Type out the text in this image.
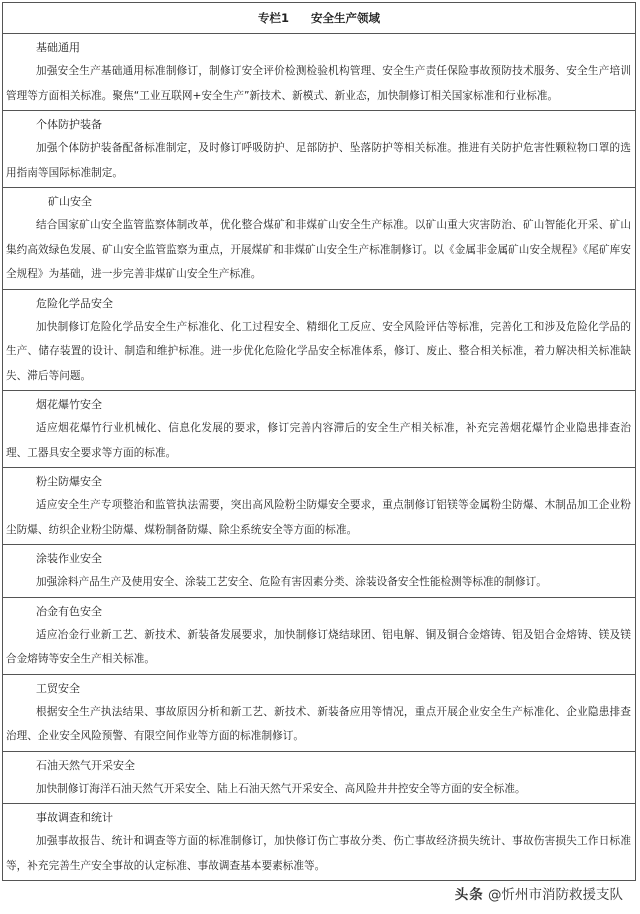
专栏1 安全生产领域
基础通用
加强安全生产基础通用标准制修订，制修订安全评价检测检验机构管理、安全生产责任保险事故预防技术服务、安全生产培训管理等方面相关标准。聚焦“工业互联网+安全生产”新技术、新模式、新业态，加快制修订相关国家标准和行业标准。
个体防护装备
加强个体防护装备配备标准制定，及时修订呼吸防护、足部防护、坠落防护等相关标准。推进有关防护危害性颗粒物口罩的选用指南等国际标准制定。
矿山安全
结合国家矿山安全监管监察体制改革，优化整合煤矿和非煤矿山安全生产标准。以矿山重大灾害防治、矿山智能化开采、矿山集约高效绿色发展、矿山安全监管监察为重点，开展煤矿和非煤矿山安全生产标准制修订。以《金属非金属矿山安全规程》《尾矿库安全规程》为基础，进一步完善非煤矿山安全生产标准。
危险化学品安全
加快制修订危险化学品安全生产标准化、化工过程安全、精细化工反应、安全风险评估等标准，完善化工和涉及危险化学品的生产、储存装置的设计、制造和维护标准。进一步优化危险化学品安全标准体系，修订、废止、整合相关标准，着力解决相关标准缺失、滞后等问题。
烟花爆竹安全
适应烟花爆竹行业机械化、信息化发展的要求，修订完善内容滞后的安全生产相关标准，补充完善烟花爆竹企业隐患排查治理、工器具安全要求等方面的标准。
粉尘防爆安全
适应安全生产专项整治和监管执法需要，突出高风险粉尘防爆安全要求，重点制修订铝镁等金属粉尘防爆、木制品加工企业粉尘防爆、纺织企业粉尘防爆、煤粉制备防爆、除尘系统安全等方面的标准。
涂装作业安全
加强涂料产品生产及使用安全、涂装工艺安全、危险有害因素分类、涂装设备安全性能检测等标准的制修订。
冶金有色安全
适应冶金行业新工艺、新技术、新装备发展要求，加快制修订烧结球团、铝电解、铜及铜合金熔铸、铝及铝合金熔铸、镁及镁合金熔铸等安全生产相关标准。
工贸安全
根据安全生产执法结果、事故原因分析和新工艺、新技术、新装备应用等情况，重点开展企业安全生产标准化、企业隐患排查治理、企业安全风险预警、有限空间作业等方面的标准制修订。
石油天然气开采安全
加快制修订海洋石油天然气开采安全、陆上石油天然气开采安全、高风险井井控安全等方面的安全标准。
事故调查和统计
加强事故报告、统计和调查等方面的标准制修订，加快修订伤亡事故分类、伤亡事故经济损失统计、事故伤害损失工作日标准等，补充完善生产安全事故的认定标准、事故调查基本要素标准等。
头条 @忻州市消防救援支队
